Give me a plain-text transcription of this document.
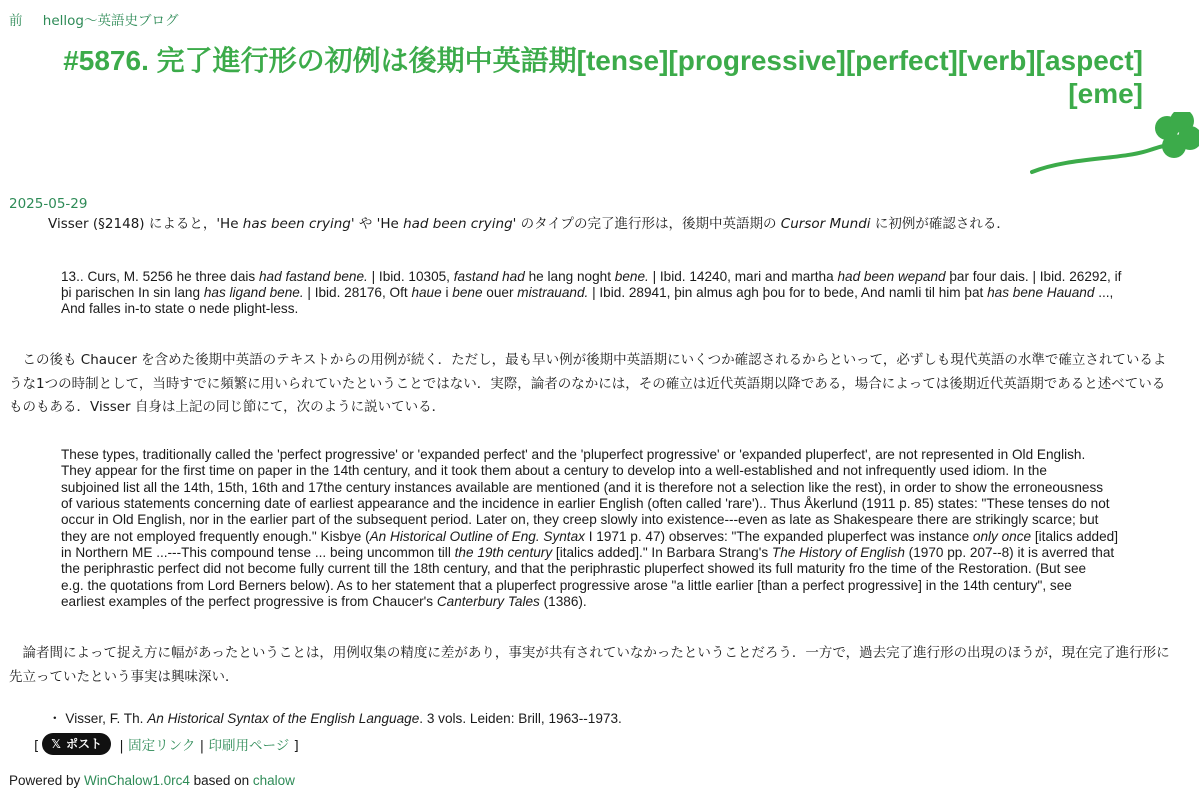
前 hellog～英語史ブログ
#5876. 完了進行形の初例は後期中英語期[tense][progressive][perfect][verb][aspect][eme]
2025-05-29
Visser (§2148) によると，'He has been crying' や 'He had been crying' のタイプの完了進行形は，後期中英語期の Cursor Mundi に初例が確認される．

13.. Curs, M. 5256 he three dais had fastand bene. | Ibid. 10305, fastand had he lang noght bene. | Ibid. 14240, mari and martha had been wepand þar four dais. | Ibid. 26292, if

þi parischen In sin lang has ligand bene. | Ibid. 28176, Oft haue i bene ouer mistrauand. | Ibid. 28941, þin almus agh þou for to bede, And namli til him þat has bene Hauand ...,

And falles in-to state o nede plight-less.

　この後も Chaucer を含めた後期中英語のテキストからの用例が続く．ただし，最も早い例が後期中英語期にいくつか確認されるからといって，必ずしも現代英語の水準で確立されているよ

うな1つの時制として，当時すでに頻繁に用いられていたということではない．実際，論者のなかには，その確立は近代英語期以降である，場合によっては後期近代英語期であると述べている

ものもある．Visser 自身は上記の同じ節にて，次のように説いている．

These types, traditionally called the 'perfect progressive' or 'expanded perfect' and the 'pluperfect progressive' or 'expanded pluperfect', are not represented in Old English.

They appear for the first time on paper in the 14th century, and it took them about a century to develop into a well-established and not infrequently used idiom. In the

subjoined list all the 14th, 15th, 16th and 17the century instances available are mentioned (and it is therefore not a selection like the rest), in order to show the erroneousness

of various statements concerning date of earliest appearance and the incidence in earlier English (often called 'rare').. Thus Åkerlund (1911 p. 85) states: "These tenses do not

occur in Old English, nor in the earlier part of the subsequent period. Later on, they creep slowly into existence---even as late as Shakespeare there are strikingly scarce; but

they are not employed frequently enough." Kisbye (An Historical Outline of Eng. Syntax I 1971 p. 47) observes: "The expanded pluperfect was instance only once [italics added]

in Northern ME ...---This compound tense ... being uncommon till the 19th century [italics added]." In Barbara Strang's The History of English (1970 pp. 207--8) it is averred that

the periphrastic perfect did not become fully current till the 18th century, and that the periphrastic pluperfect showed its full maturity fro the time of the Restoration. (But see

e.g. the quotations from Lord Berners below). As to her statement that a pluperfect progressive arose "a little earlier [than a perfect progressive] in the 14th century", see

earliest examples of the perfect progressive is from Chaucer's Canterbury Tales (1386).

　論者間によって捉え方に幅があったということは，用例収集の精度に差があり，事実が共有されていなかったということだろう．一方で，過去完了進行形の出現のほうが，現在完了進行形に

先立っていたという事実は興味深い．

・ Visser, F. Th. An Historical Syntax of the English Language. 3 vols. Leiden: Brill, 1963--1973.
[ 𝕏 ポスト | 固定リンク | 印刷用ページ ]
Powered by WinChalow1.0rc4 based on chalow
